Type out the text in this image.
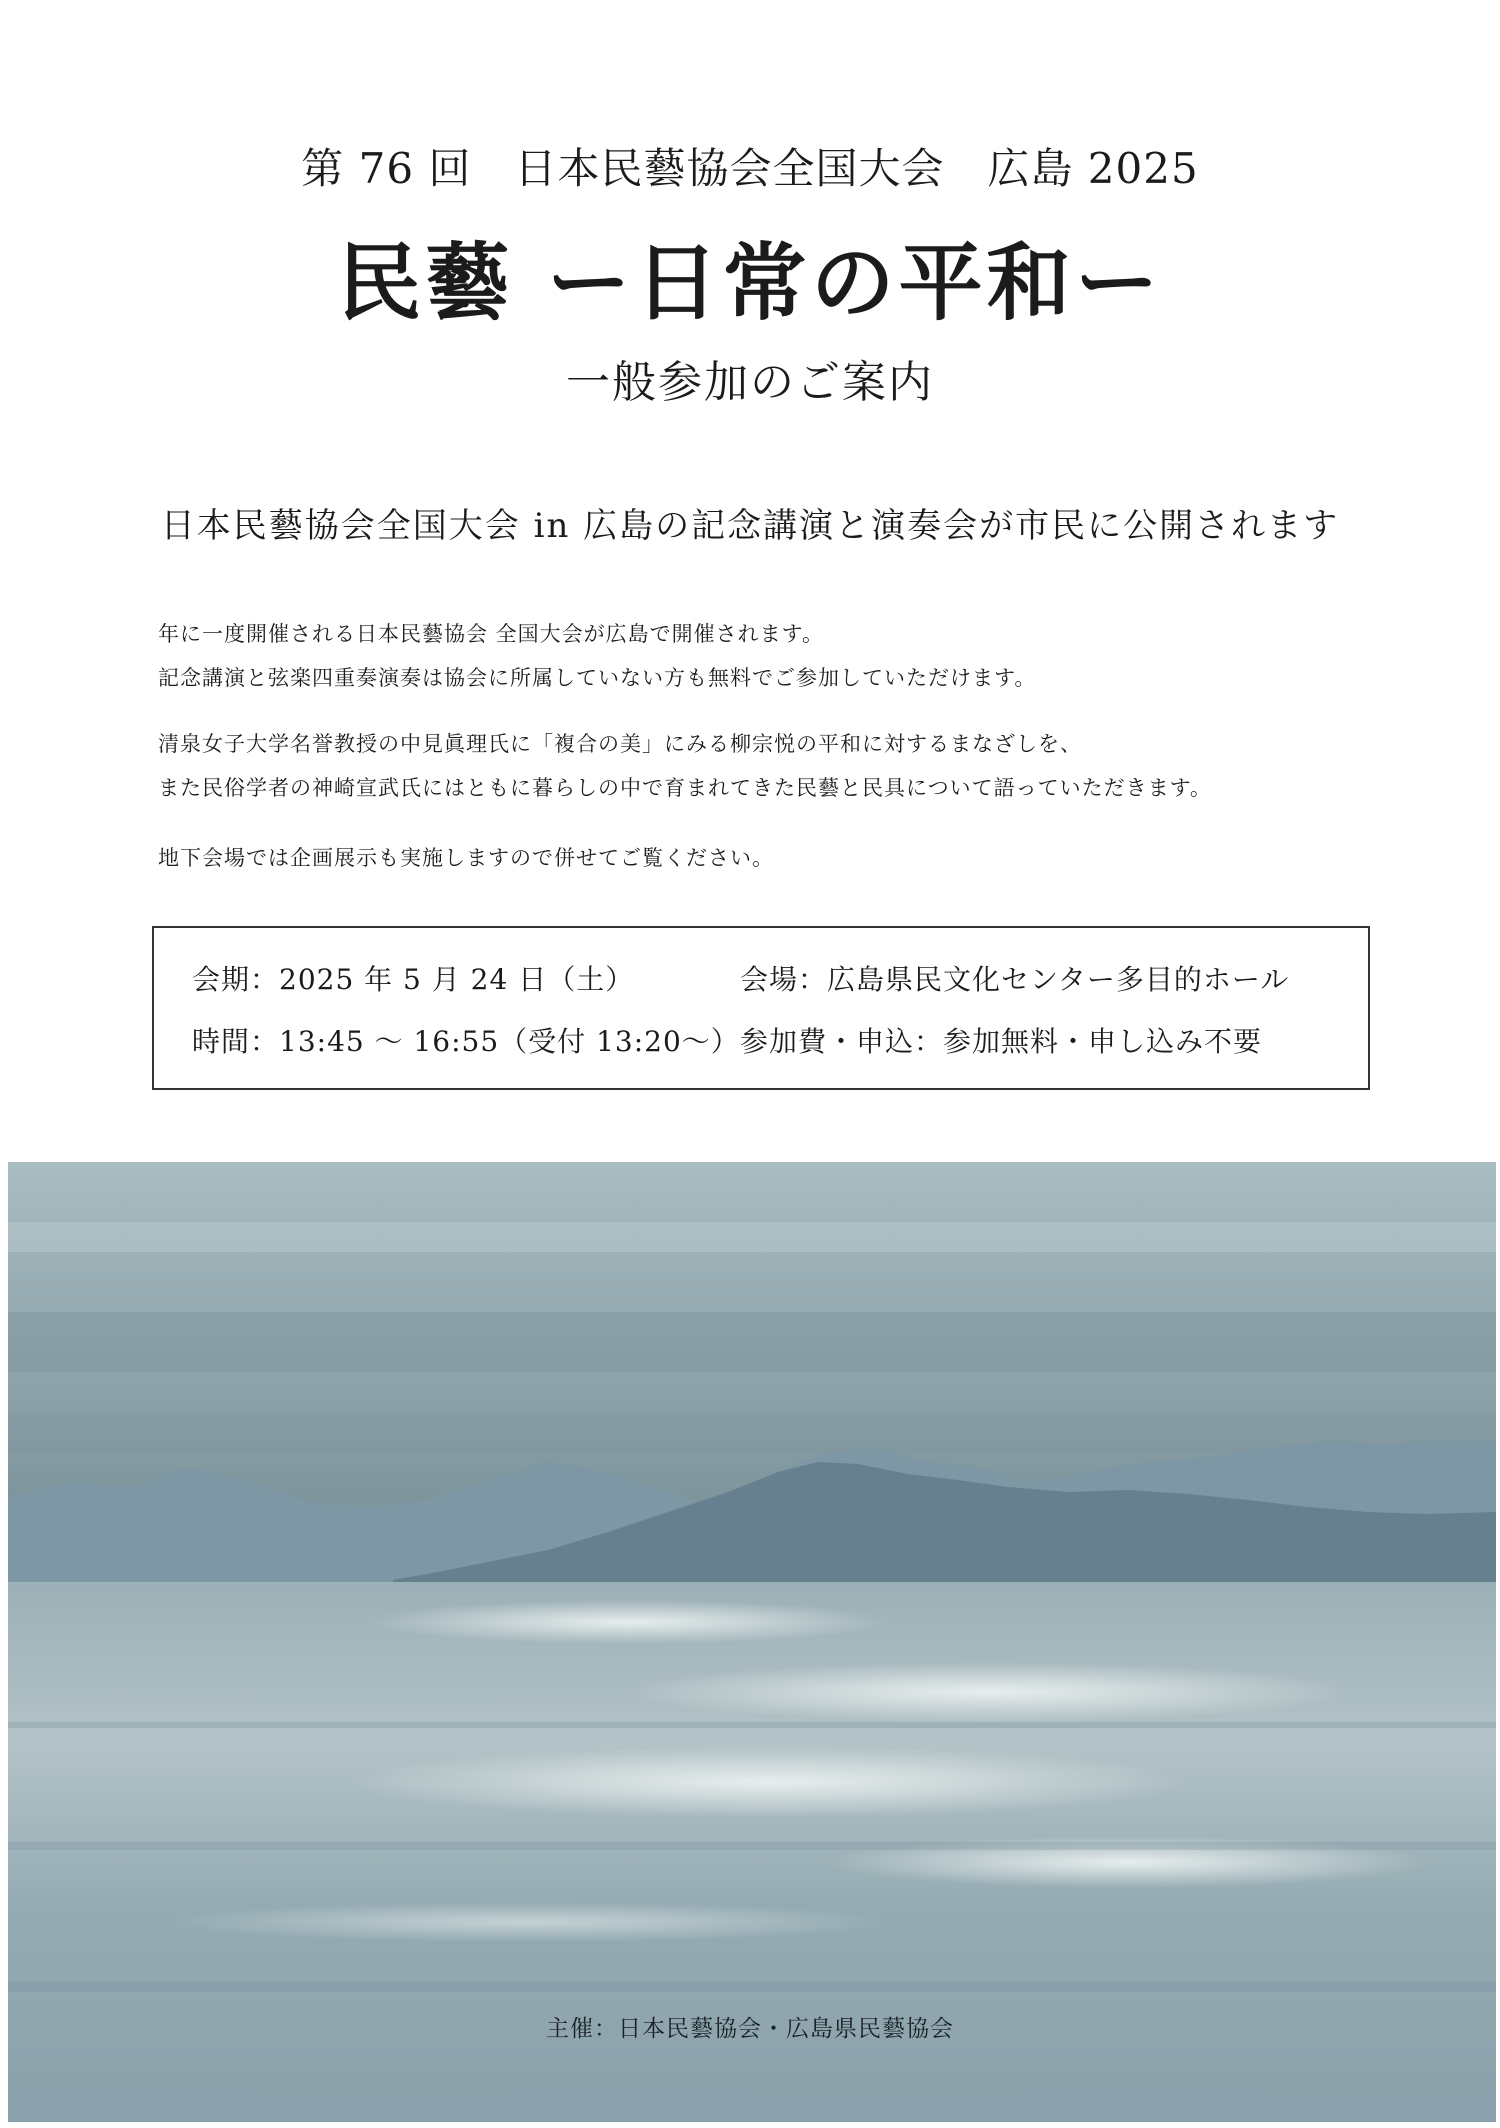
第 76 回　日本民藝協会全国大会　広島 2025
民藝 ー日常の平和ー
一般参加のご案内
日本民藝協会全国大会 in 広島の記念講演と演奏会が市民に公開されます
年に一度開催される日本民藝協会 全国大会が広島で開催されます。
記念講演と弦楽四重奏演奏は協会に所属していない方も無料でご参加していただけます。
清泉女子大学名誉教授の中見眞理氏に「複合の美」にみる柳宗悦の平和に対するまなざしを、
また民俗学者の神崎宣武氏にはともに暮らしの中で育まれてきた民藝と民具について語っていただきます。
地下会場では企画展示も実施しますので併せてご覧ください。
会期：2025 年 5 月 24 日（土）	会場：広島県民文化センター多目的ホール
時間：13:45 〜 16:55（受付 13:20〜） 参加費・申込：参加無料・申し込み不要
主催：日本民藝協会・広島県民藝協会
